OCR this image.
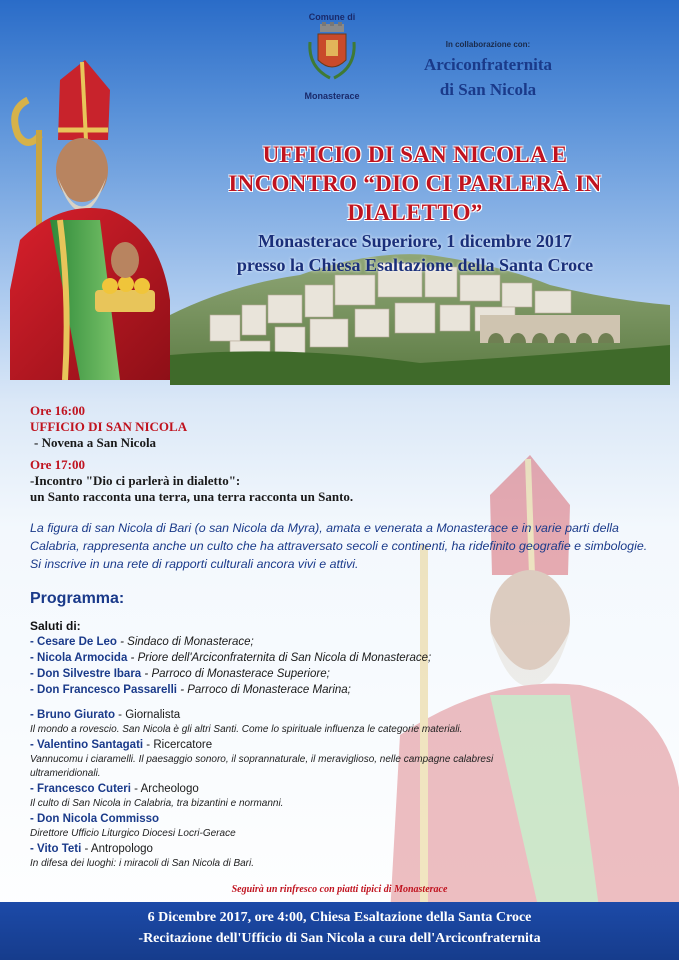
Comune di
Monasterace
In collaborazione con:
Arciconfraternita
di San Nicola
UFFICIO DI SAN NICOLA E
INCONTRO “DIO CI PARLERÀ IN DIALETTO”
Monasterace Superiore, 1 dicembre 2017
presso la Chiesa Esaltazione della Santa Croce
Ore 16:00
UFFICIO DI SAN NICOLA
- Novena a San Nicola
Ore 17:00
-Incontro "Dio ci parlerà in dialetto":
un Santo racconta una terra, una terra racconta un Santo.
La figura di san Nicola di Bari (o san Nicola da Myra), amata e venerata a Monasterace e in varie parti della Calabria, rappresenta anche un culto che ha attraversato secoli e continenti, ha ridefinito geografie e simbologie. Si inscrive in una rete di rapporti culturali ancora vivi e attivi.
Programma:
Saluti di:
- Cesare De Leo - Sindaco di Monasterace;
- Nicola Armocida - Priore dell'Arciconfraternita di San Nicola di Monasterace;
- Don Silvestre Ibara - Parroco di Monasterace Superiore;
- Don Francesco Passarelli - Parroco di Monasterace Marina;
- Bruno Giurato - Giornalista
Il mondo a rovescio. San Nicola è gli altri Santi. Come lo spirituale influenza le categorie materiali.
- Valentino Santagati - Ricercatore
Vannucomu i ciaramelli. Il paesaggio sonoro, il soprannaturale, il meraviglioso, nelle campagne calabresi ultrameridionali.
- Francesco Cuteri - Archeologo
Il culto di San Nicola in Calabria, tra bizantini e normanni.
- Don Nicola Commisso
Direttore Ufficio Liturgico Diocesi Locri-Gerace
- Vito Teti - Antropologo
In difesa dei luoghi: i miracoli di San Nicola di Bari.
Seguirà un rinfresco con piatti tipici di Monasterace
6 Dicembre 2017, ore 4:00, Chiesa Esaltazione della Santa Croce
-Recitazione dell'Ufficio di San Nicola a cura dell'Arciconfraternita
